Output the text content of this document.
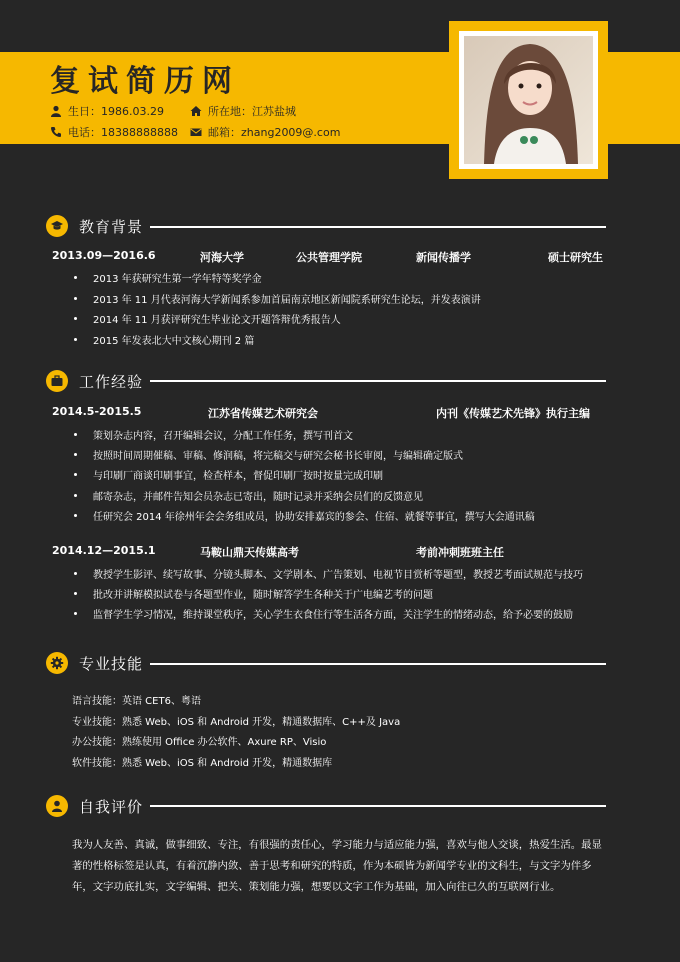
复试简历网
生日：1986.03.29	所在地：江苏盐城
电话：18388888888	邮箱：zhang2009@.com
教育背景
2013.09—2016.6	河海大学	公共管理学院	新闻传播学	硕士研究生
2013 年获研究生第一学年特等奖学金
2013 年 11 月代表河海大学新闻系参加首届南京地区新闻院系研究生论坛，并发表演讲
2014 年 11 月获评研究生毕业论文开题答辩优秀报告人
2015 年发表北大中文核心期刊 2 篇
工作经验
2014.5-2015.5	江苏省传媒艺术研究会	内刊《传媒艺术先锋》执行主编
策划杂志内容，召开编辑会议，分配工作任务，撰写刊首文
按照时间周期催稿、审稿、修润稿，将完稿交与研究会秘书长审阅，与编辑确定版式
与印刷厂商谈印刷事宜，检查样本，督促印刷厂按时按量完成印刷
邮寄杂志，并邮件告知会员杂志已寄出，随时记录并采纳会员们的反馈意见
任研究会 2014 年徐州年会会务组成员，协助安排嘉宾的参会、住宿、就餐等事宜，撰写大会通讯稿
2014.12—2015.1	马鞍山鼎天传媒高考	考前冲刺班班主任
教授学生影评、续写故事、分镜头脚本、文学剧本、广告策划、电视节目赏析等题型，教授艺考面试规范与技巧
批改并讲解模拟试卷与各题型作业，随时解答学生各种关于广电编艺考的问题
监督学生学习情况，维持课堂秩序，关心学生衣食住行等生活各方面，关注学生的情绪动态，给予必要的鼓励
专业技能
语言技能：英语 CET6、粤语
专业技能：熟悉 Web、iOS 和 Android 开发，精通数据库、C++及 Java
办公技能：熟练使用 Office 办公软件、Axure RP、Visio
软件技能：熟悉 Web、iOS 和 Android 开发，精通数据库
自我评价
我为人友善、真诚，做事细致、专注，有很强的责任心，学习能力与适应能力强，喜欢与他人交谈，热爱生活。最显著的性格标签是认真，有着沉静内敛、善于思考和研究的特质，作为本硕皆为新闻学专业的文科生，与文字为伴多年，文字功底扎实，文字编辑、把关、策划能力强，想要以文字工作为基础，加入向往已久的互联网行业。
